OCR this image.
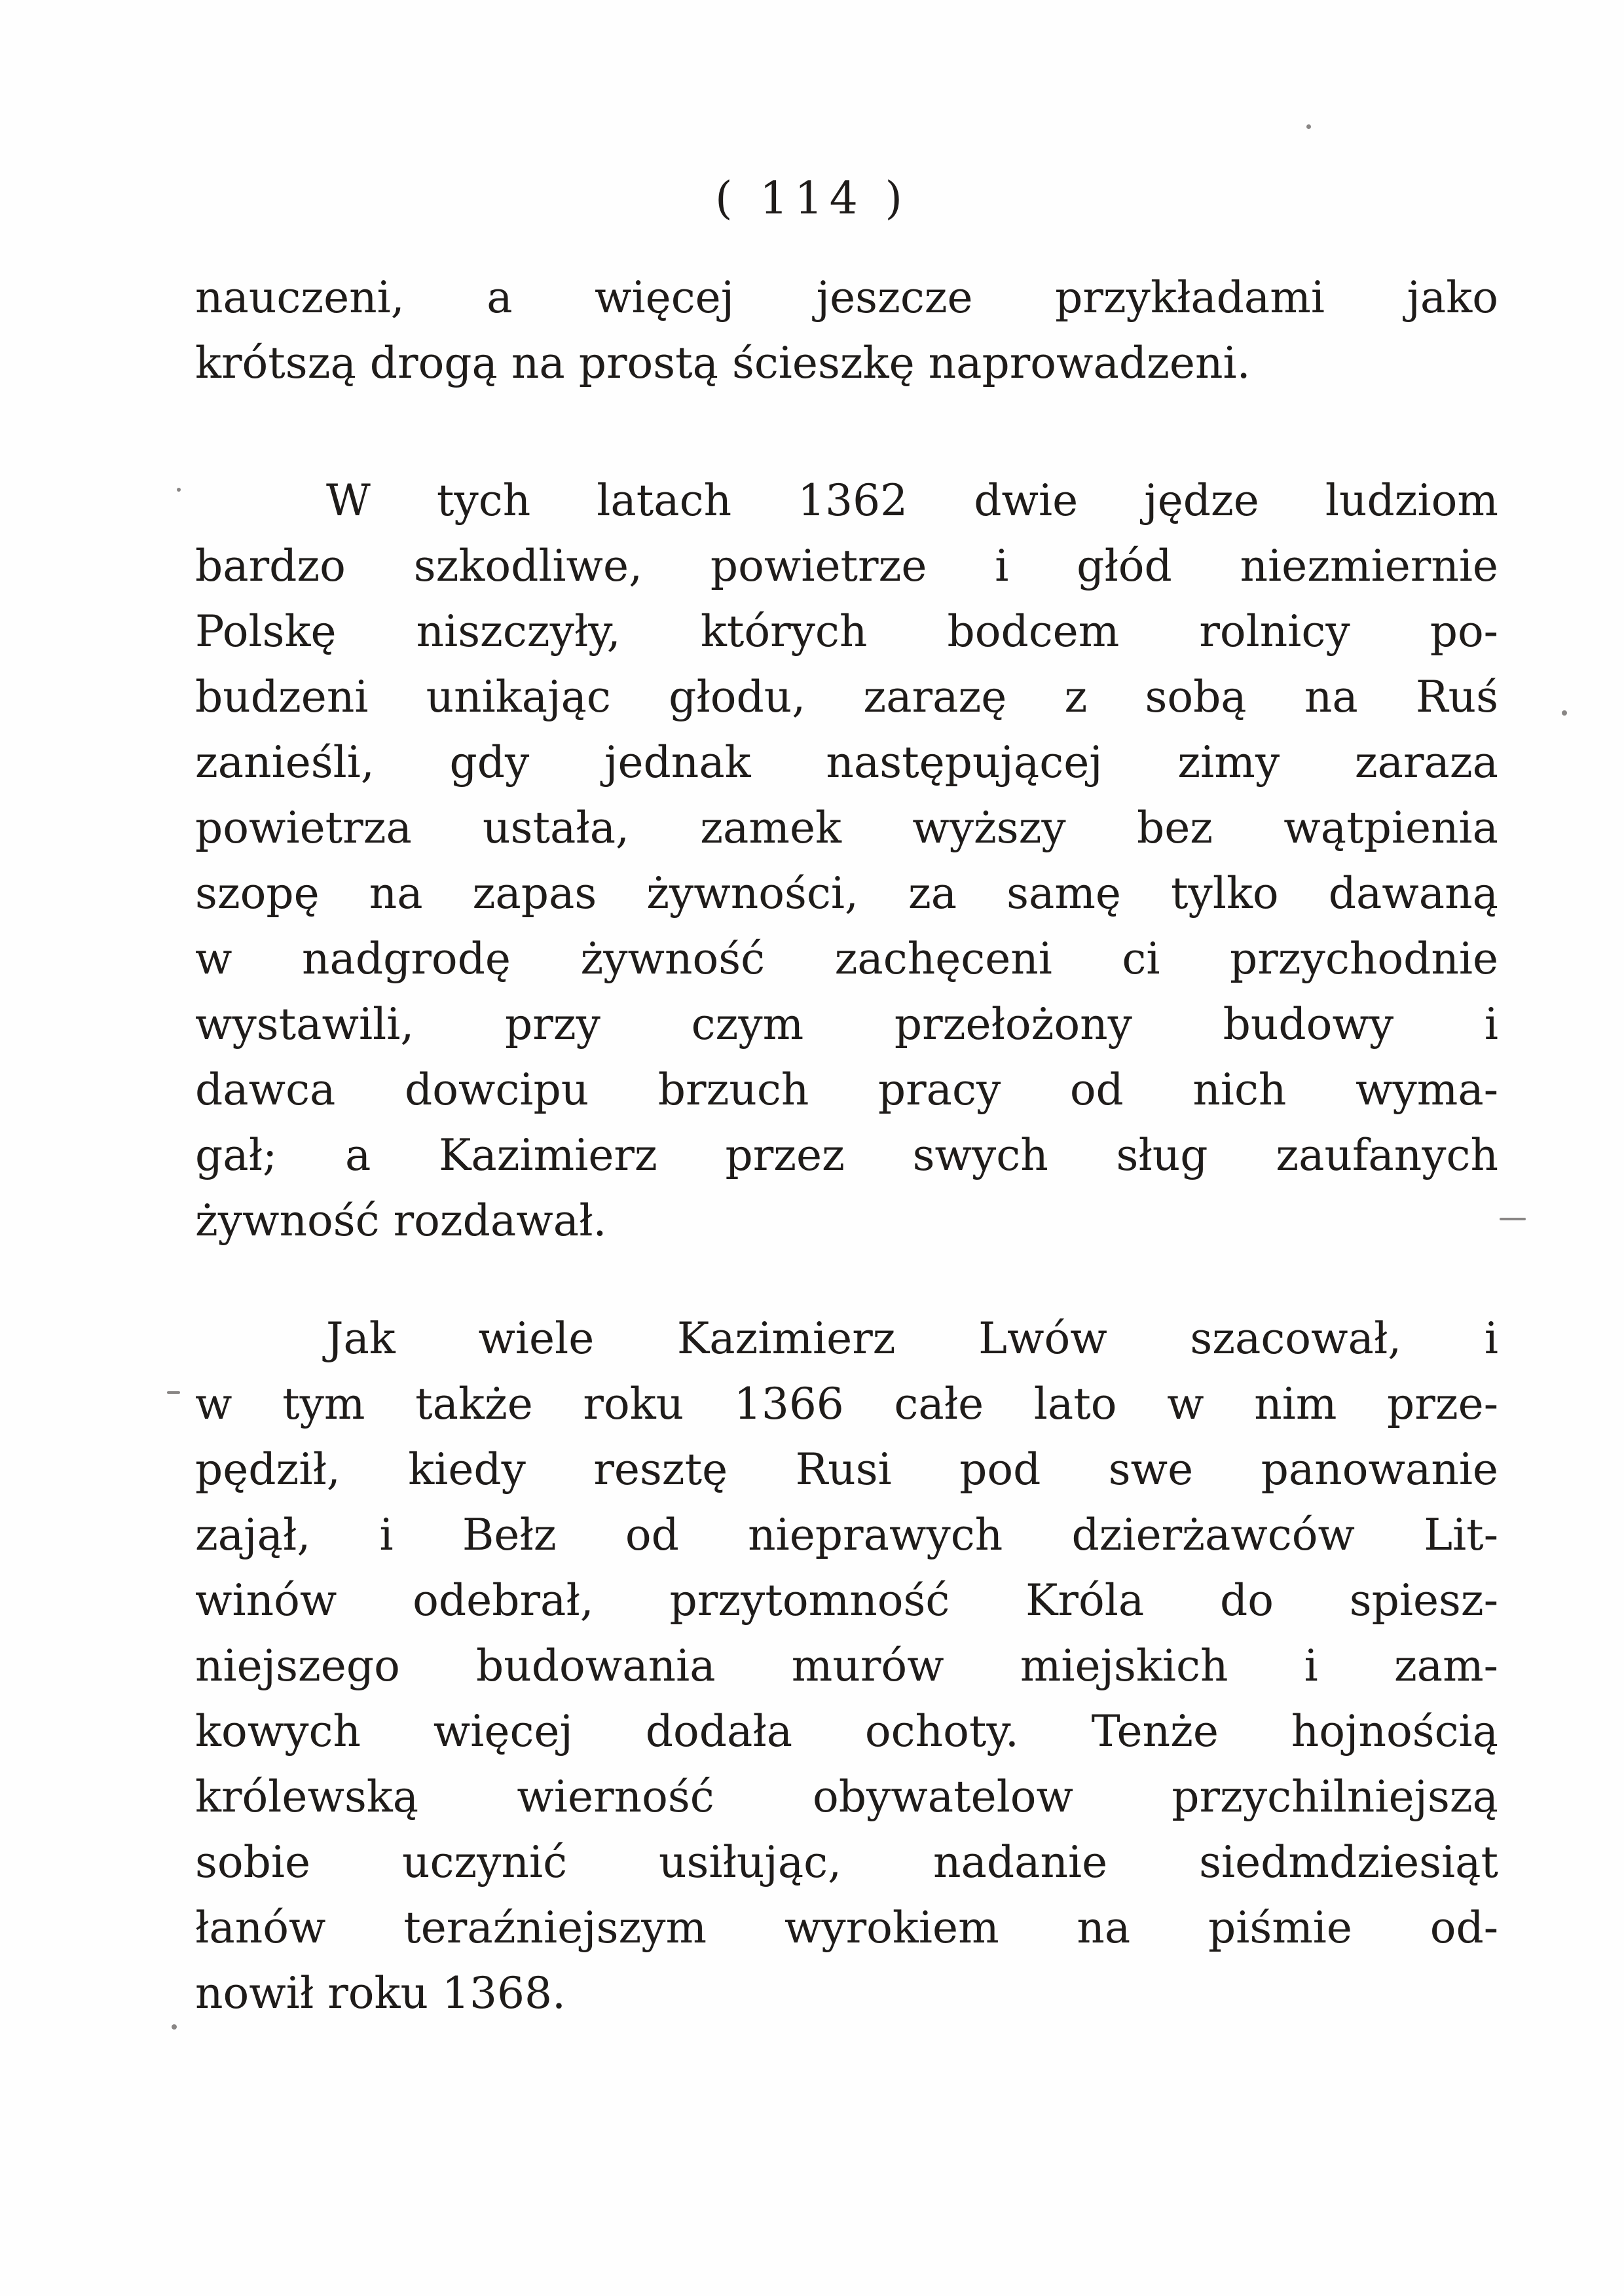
( 114 )
nauczeni, a więcej jeszcze przykładami jako
krótszą drogą na prostą ścieszkę naprowadzeni.
W tych latach 1362 dwie jędze ludziom
bardzo szkodliwe, powietrze i głód niezmiernie
Polskę niszczyły, których bodcem rolnicy po-
budzeni unikając głodu, zarazę z sobą na Ruś
zanieśli, gdy jednak następującej zimy zaraza
powietrza ustała, zamek wyższy bez wątpienia
szopę na zapas żywności, za samę tylko dawaną
w nadgrodę żywność zachęceni ci przychodnie
wystawili, przy czym przełożony budowy i
dawca dowcipu brzuch pracy od nich wyma-
gał; a Kazimierz przez swych sług zaufanych
żywność rozdawał.
Jak wiele Kazimierz Lwów szacował, i
w tym także roku 1366 całe lato w nim prze-
pędził, kiedy resztę Rusi pod swe panowanie
zajął, i Bełz od nieprawych dzierżawców Lit-
winów odebrał, przytomność Króla do spiesz-
niejszego budowania murów miejskich i zam-
kowych więcej dodała ochoty. Tenże hojnością
królewską wierność obywatelow przychilniejszą
sobie uczynić usiłując, nadanie siedmdziesiąt
łanów teraźniejszym wyrokiem na piśmie od-
nowił roku 1368.
